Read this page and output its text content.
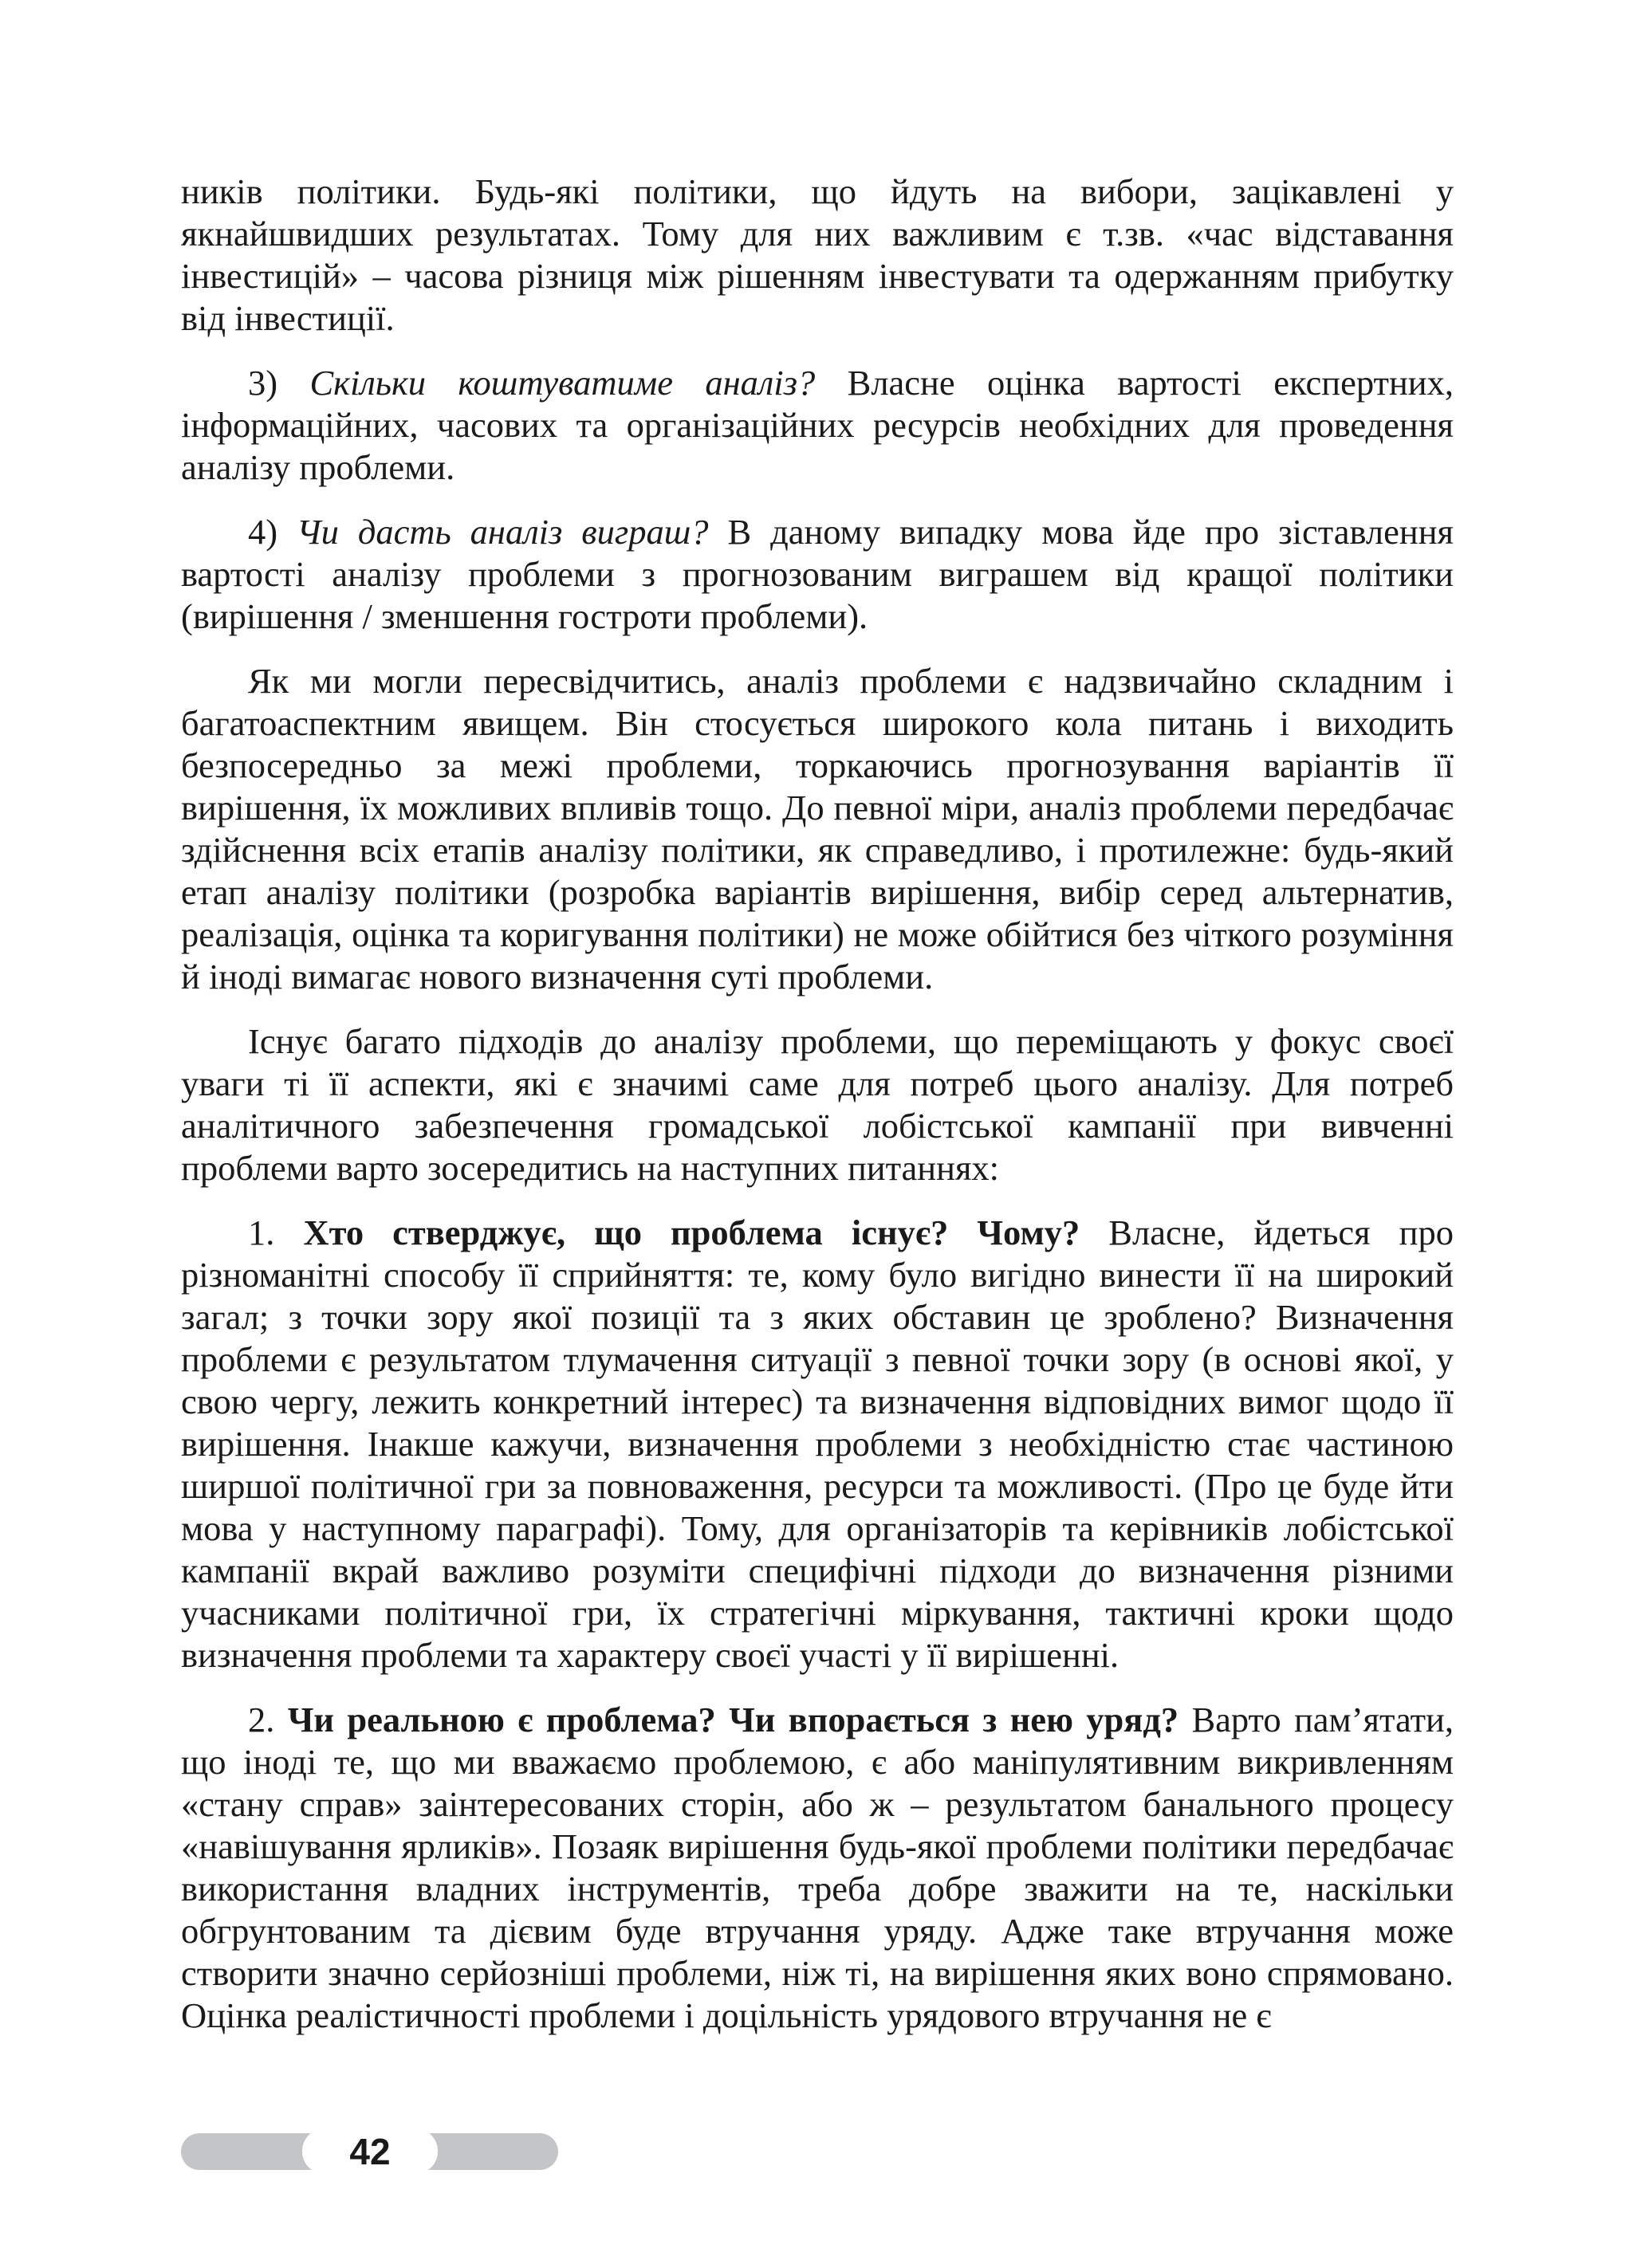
ників політики. Будь-які політики, що йдуть на вибори, зацікавлені у якнайшвидших результатах. Тому для них важливим є т.зв. «час відставання інвестицій» – часова різниця між рішенням інвестувати та одержанням прибутку від інвестиції.

3) Скільки коштуватиме аналіз? Власне оцінка вартості експертних, інформаційних, часових та організаційних ресурсів необхідних для проведення аналізу проблеми.

4) Чи дасть аналіз виграш? В даному випадку мова йде про зіставлення вартості аналізу проблеми з прогнозованим виграшем від кращої політики (вирішення / зменшення гостроти проблеми).

Як ми могли пересвідчитись, аналіз проблеми є надзвичайно складним і багатоаспектним явищем. Він стосується широкого кола питань і виходить безпосередньо за межі проблеми, торкаючись прогнозування варіантів її вирішення, їх можливих впливів тощо. До певної міри, аналіз проблеми передбачає здійснення всіх етапів аналізу політики, як справедливо, і протилежне: будь-який етап аналізу політики (розробка варіантів вирішення, вибір серед альтернатив, реалізація, оцінка та коригування політики) не може обійтися без чіткого розуміння й іноді вимагає нового визначення суті проблеми.

Існує багато підходів до аналізу проблеми, що переміщають у фокус своєї уваги ті її аспекти, які є значимі саме для потреб цього аналізу. Для потреб аналітичного забезпечення громадської лобістської кампанії при вивченні проблеми варто зосередитись на наступних питаннях:

1. Хто стверджує, що проблема існує? Чому? Власне, йдеться про різноманітні способу її сприйняття: те, кому було вигідно винести її на широкий загал; з точки зору якої позиції та з яких обставин це зроблено? Визначення проблеми є результатом тлумачення ситуації з певної точки зору (в основі якої, у свою чергу, лежить конкретний інтерес) та визначення відповідних вимог щодо її вирішення. Інакше кажучи, визначення проблеми з необхідністю стає частиною ширшої політичної гри за повноваження, ресурси та можливості. (Про це буде йти мова у наступному параграфі). Тому, для організаторів та керівників лобістської кампанії вкрай важливо розуміти специфічні підходи до визначення різними учасниками політичної гри, їх стратегічні міркування, тактичні кроки щодо визначення проблеми та характеру своєї участі у її вирішенні.

2. Чи реальною є проблема? Чи впорається з нею уряд? Варто пам’ятати, що іноді те, що ми вважаємо проблемою, є або маніпулятивним викривленням «стану справ» заінтересованих сторін, або ж – результатом банального процесу «навішування ярликів». Позаяк вирішення будь-якої проблеми політики передбачає використання владних інструментів, треба добре зважити на те, наскільки обгрунтованим та дієвим буде втручання уряду. Адже таке втручання може створити значно серйозніші проблеми, ніж ті, на вирішення яких воно спрямовано. Оцінка реалістичності проблеми і доцільність урядового втручання не є

42
